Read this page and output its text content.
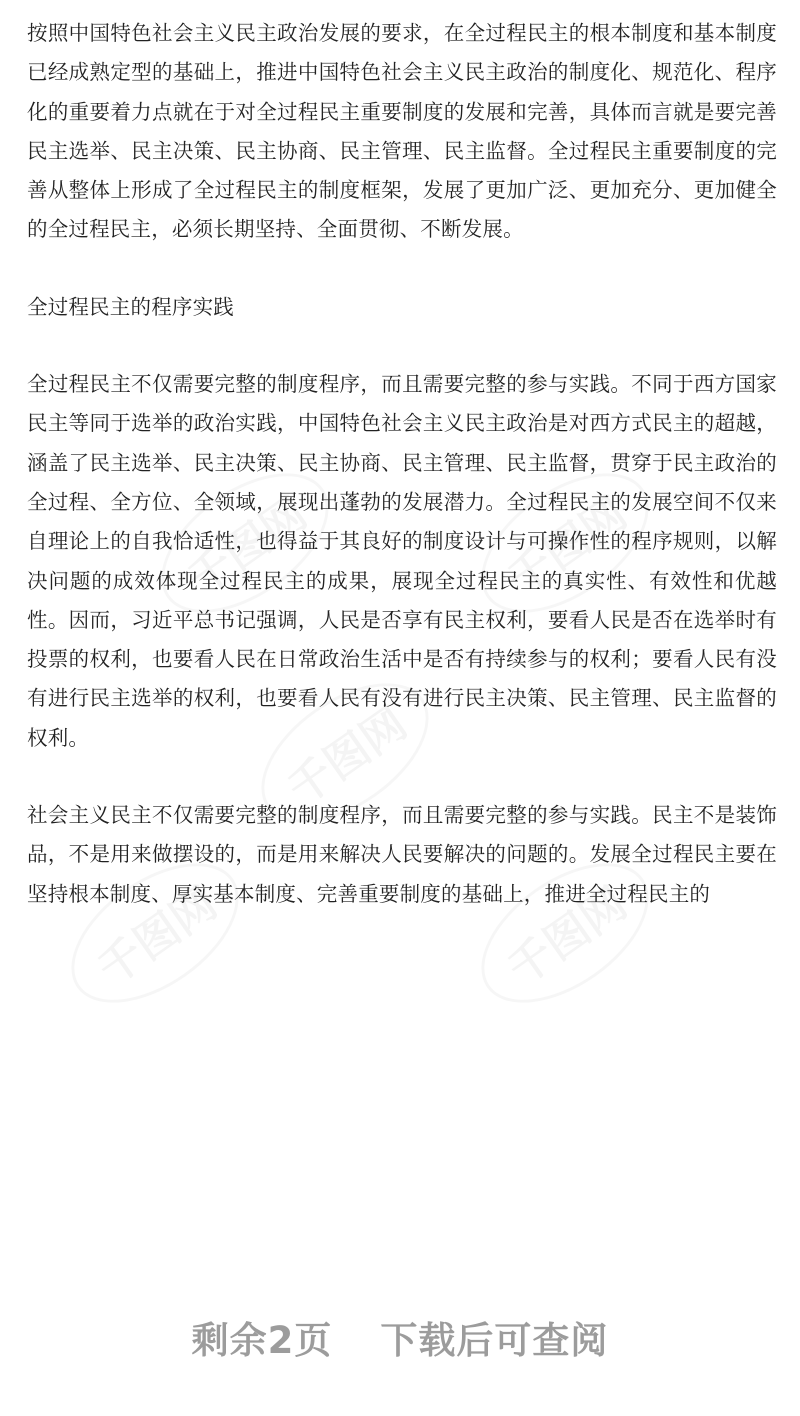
按照中国特色社会主义民主政治发展的要求，在全过程民主的根本制度和基本制度已经成熟定型的基础上，推进中国特色社会主义民主政治的制度化、规范化、程序化的重要着力点就在于对全过程民主重要制度的发展和完善，具体而言就是要完善民主选举、民主决策、民主协商、民主管理、民主监督。全过程民主重要制度的完善从整体上形成了全过程民主的制度框架，发展了更加广泛、更加充分、更加健全的全过程民主，必须长期坚持、全面贯彻、不断发展。

全过程民主的程序实践

全过程民主不仅需要完整的制度程序，而且需要完整的参与实践。不同于西方国家民主等同于选举的政治实践，中国特色社会主义民主政治是对西方式民主的超越，涵盖了民主选举、民主决策、民主协商、民主管理、民主监督，贯穿于民主政治的全过程、全方位、全领域，展现出蓬勃的发展潜力。全过程民主的发展空间不仅来自理论上的自我恰适性，也得益于其良好的制度设计与可操作性的程序规则，以解决问题的成效体现全过程民主的成果，展现全过程民主的真实性、有效性和优越性。因而，习近平总书记强调，人民是否享有民主权利，要看人民是否在选举时有投票的权利，也要看人民在日常政治生活中是否有持续参与的权利；要看人民有没有进行民主选举的权利，也要看人民有没有进行民主决策、民主管理、民主监督的权利。

社会主义民主不仅需要完整的制度程序，而且需要完整的参与实践。民主不是装饰品，不是用来做摆设的，而是用来解决人民要解决的问题的。发展全过程民主要在坚持根本制度、厚实基本制度、完善重要制度的基础上，推进全过程民主的

剩余2页 下载后可查阅
